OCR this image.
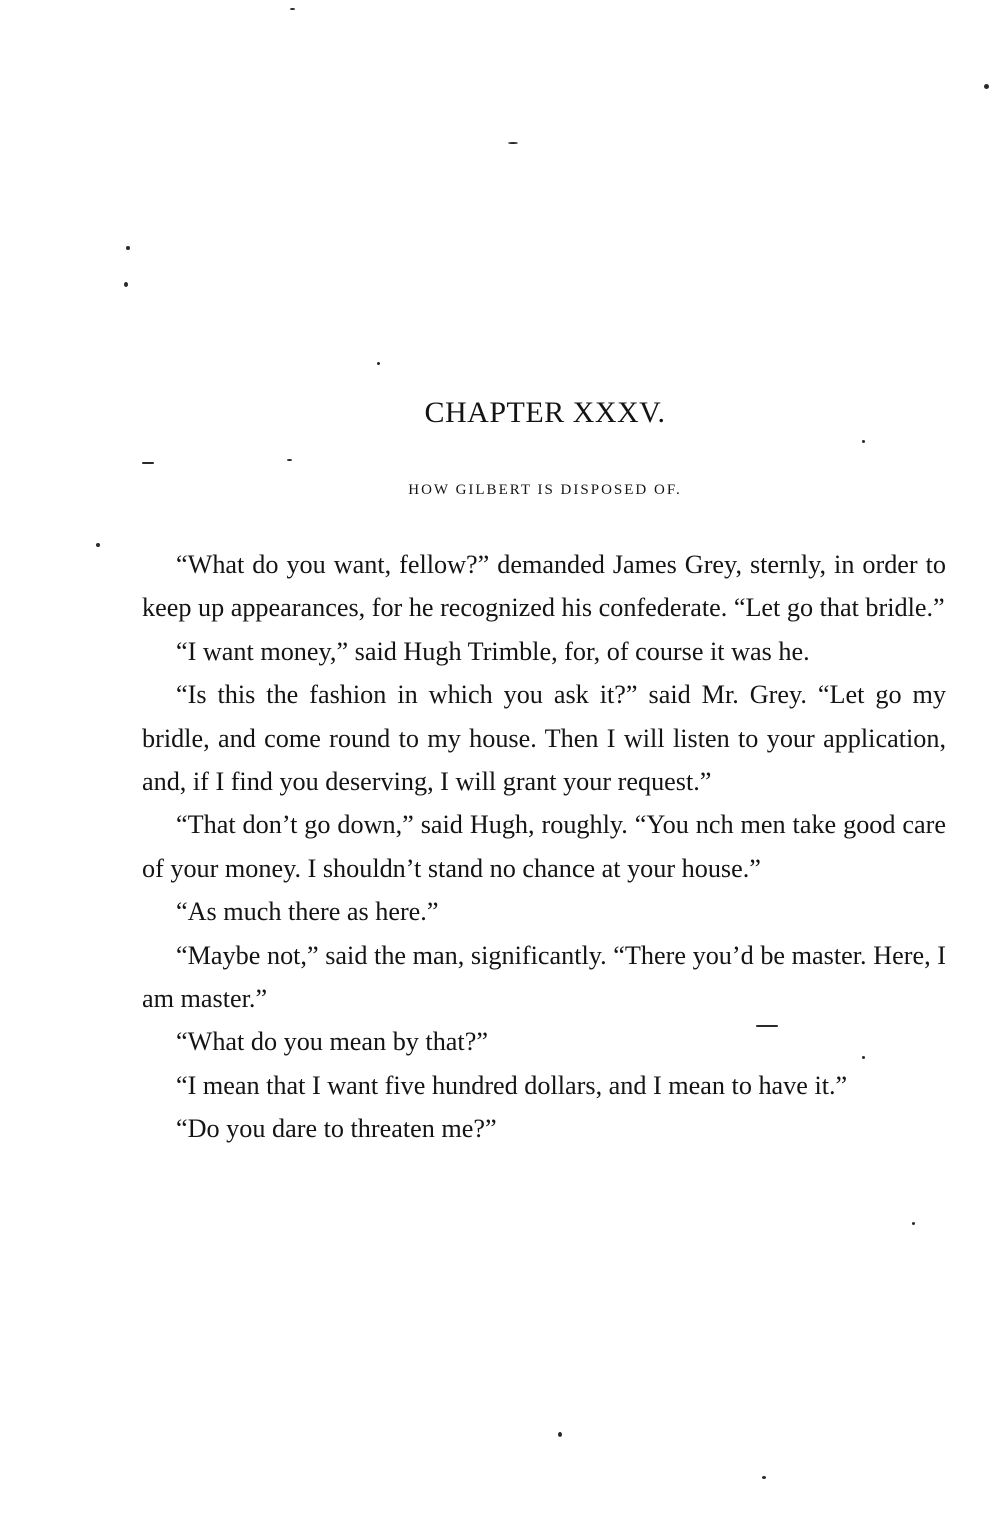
CHAPTER XXXV.
HOW GILBERT IS DISPOSED OF.

“What do you want, fellow?” demanded James Grey, sternly, in order to keep up appearances, for he recognized his confederate. “Let go that bridle.”

“I want money,” said Hugh Trimble, for, of course it was he.

“Is this the fashion in which you ask it?” said Mr. Grey. “Let go my bridle, and come round to my house. Then I will listen to your application, and, if I find you deserving, I will grant your request.”

“That don’t go down,” said Hugh, roughly. “You nch men take good care of your money. I shouldn’t stand no chance at your house.”

“As much there as here.”

“Maybe not,” said the man, significantly. “There you’d be master. Here, I am master.”

“What do you mean by that?”

“I mean that I want five hundred dollars, and I mean to have it.”

“Do you dare to threaten me?”
